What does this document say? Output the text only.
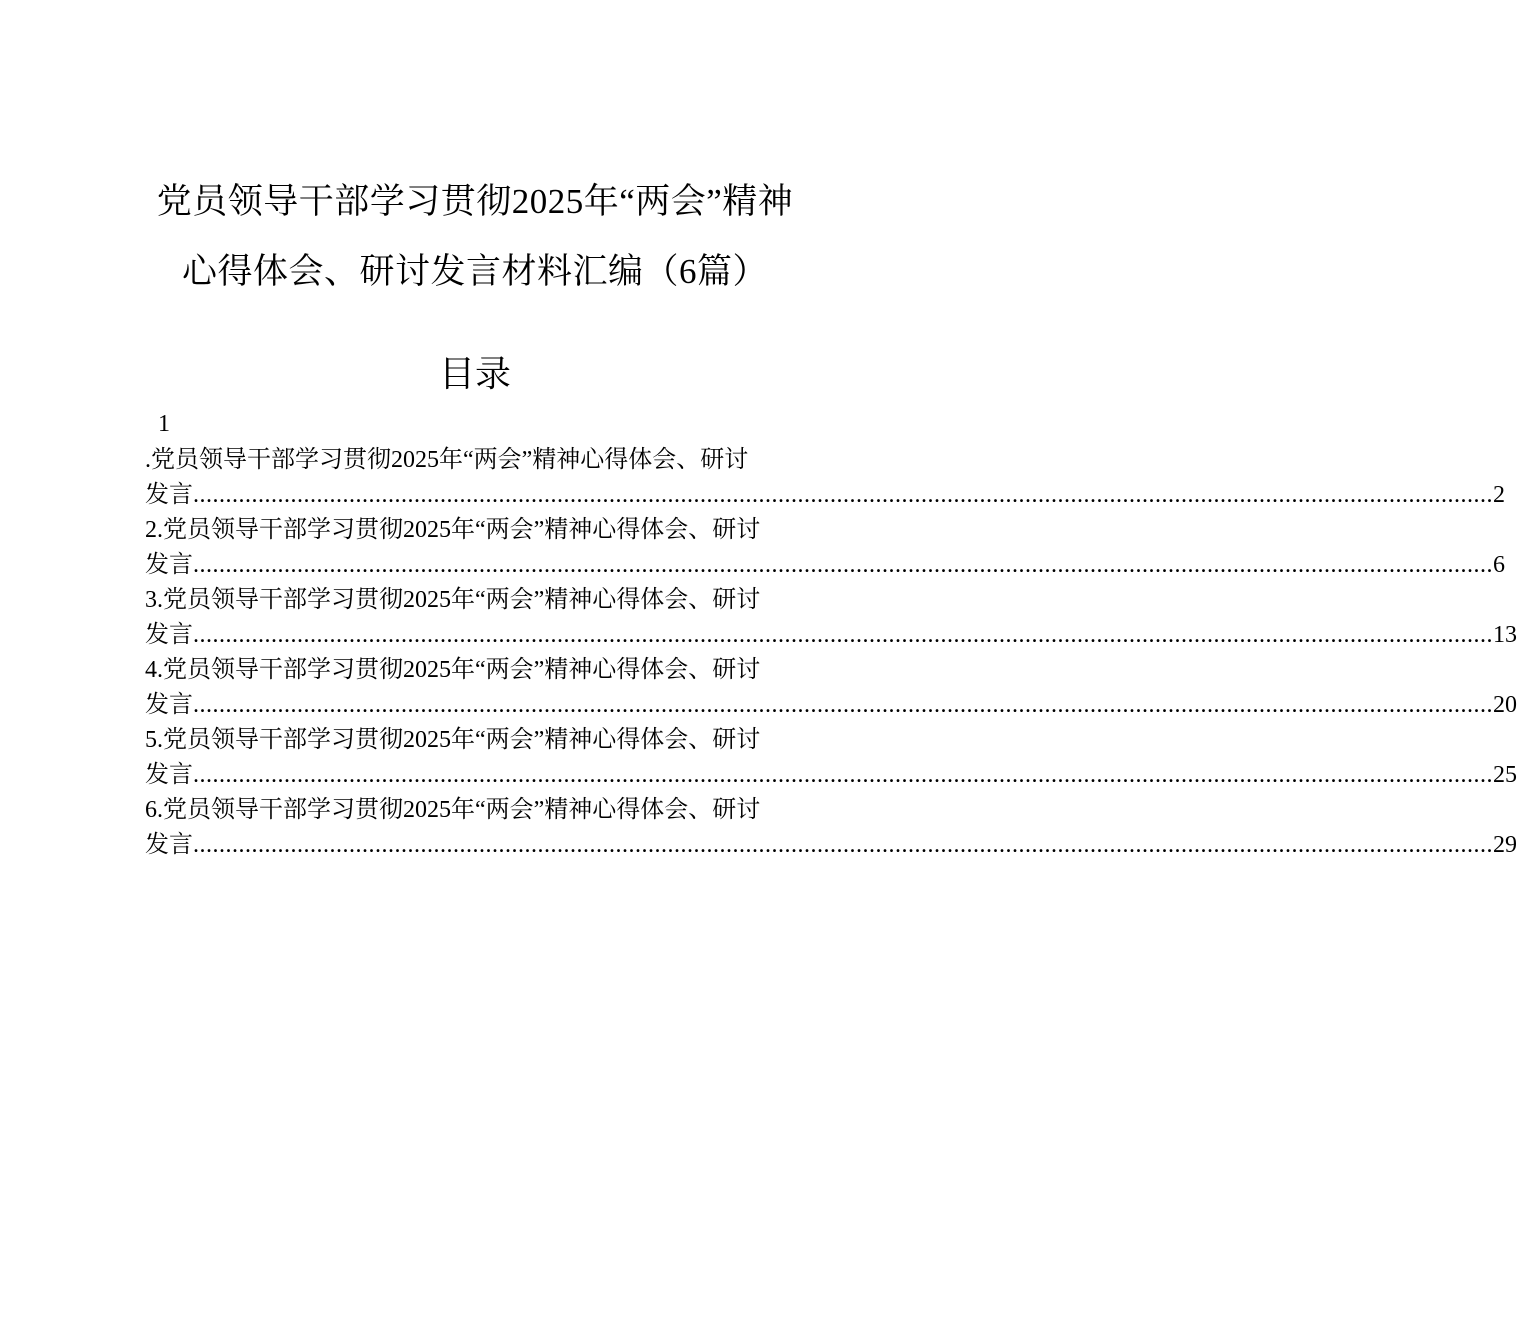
党员领导干部学习贯彻2025年“两会”精神
心得体会、研讨发言材料汇编（6篇）
目录
1
.党员领导干部学习贯彻2025年“两会”精神心得体会、研讨
发言 ........................................................................................................................................................................................................ 2
2.党员领导干部学习贯彻2025年“两会”精神心得体会、研讨
发言 ........................................................................................................................................................................................................ 6
3.党员领导干部学习贯彻2025年“两会”精神心得体会、研讨
发言 ........................................................................................................................................................................................................ 13
4.党员领导干部学习贯彻2025年“两会”精神心得体会、研讨
发言 ........................................................................................................................................................................................................ 20
5.党员领导干部学习贯彻2025年“两会”精神心得体会、研讨
发言 ........................................................................................................................................................................................................ 25
6.党员领导干部学习贯彻2025年“两会”精神心得体会、研讨
发言 ........................................................................................................................................................................................................ 29
